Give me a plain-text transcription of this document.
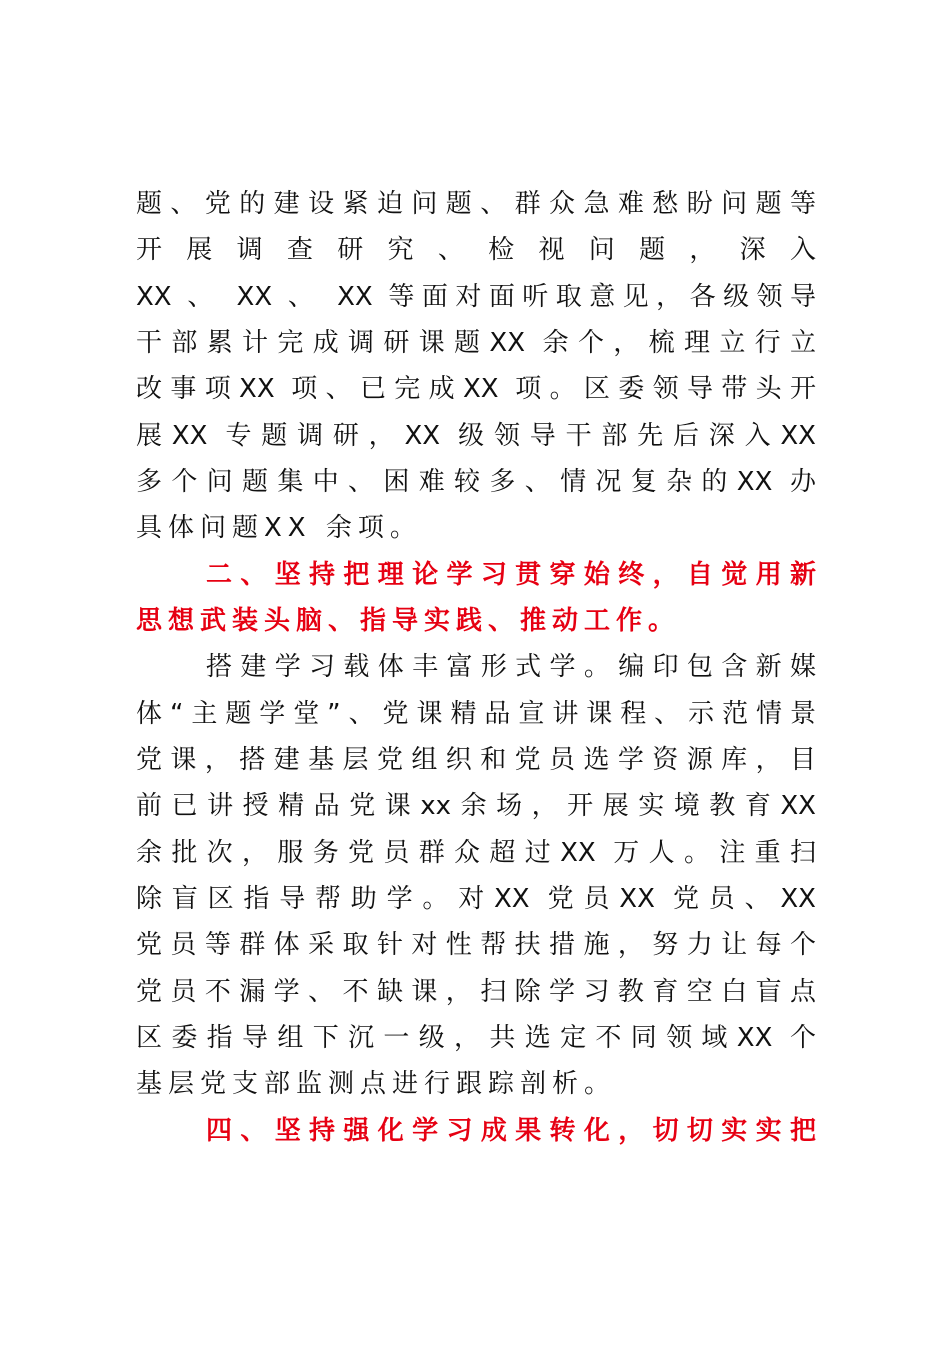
题、党的建设紧迫问题、群众急难愁盼问题等
开展调查研究、检视问题，深入
XX 、 XX 、 XX 等面对面听取意见，各级领导
干部累计完成调研课题XX 余个，梳理立行立
改事项XX 项、已完成XX 项。区委领导带头开
展XX 专题调研，XX 级领导干部先后深入XX
多个问题集中、困难较多、情况复杂的XX 办
具体问题XX 余项。
二、坚持把理论学习贯穿始终，自觉用新
思想武装头脑、指导实践、推动工作。
搭建学习载体丰富形式学。编印包含新媒
体“主题学堂”、党课精品宣讲课程、示范情景
党课，搭建基层党组织和党员选学资源库，目
前已讲授精品党课xx余场，开展实境教育XX
余批次，服务党员群众超过XX 万人。注重扫
除盲区指导帮助学。对XX 党员XX 党员、XX
党员等群体采取针对性帮扶措施，努力让每个
党员不漏学、不缺课，扫除学习教育空白盲点
区委指导组下沉一级，共选定不同领域XX 个
基层党支部监测点进行跟踪剖析。
四、坚持强化学习成果转化，切切实实把
